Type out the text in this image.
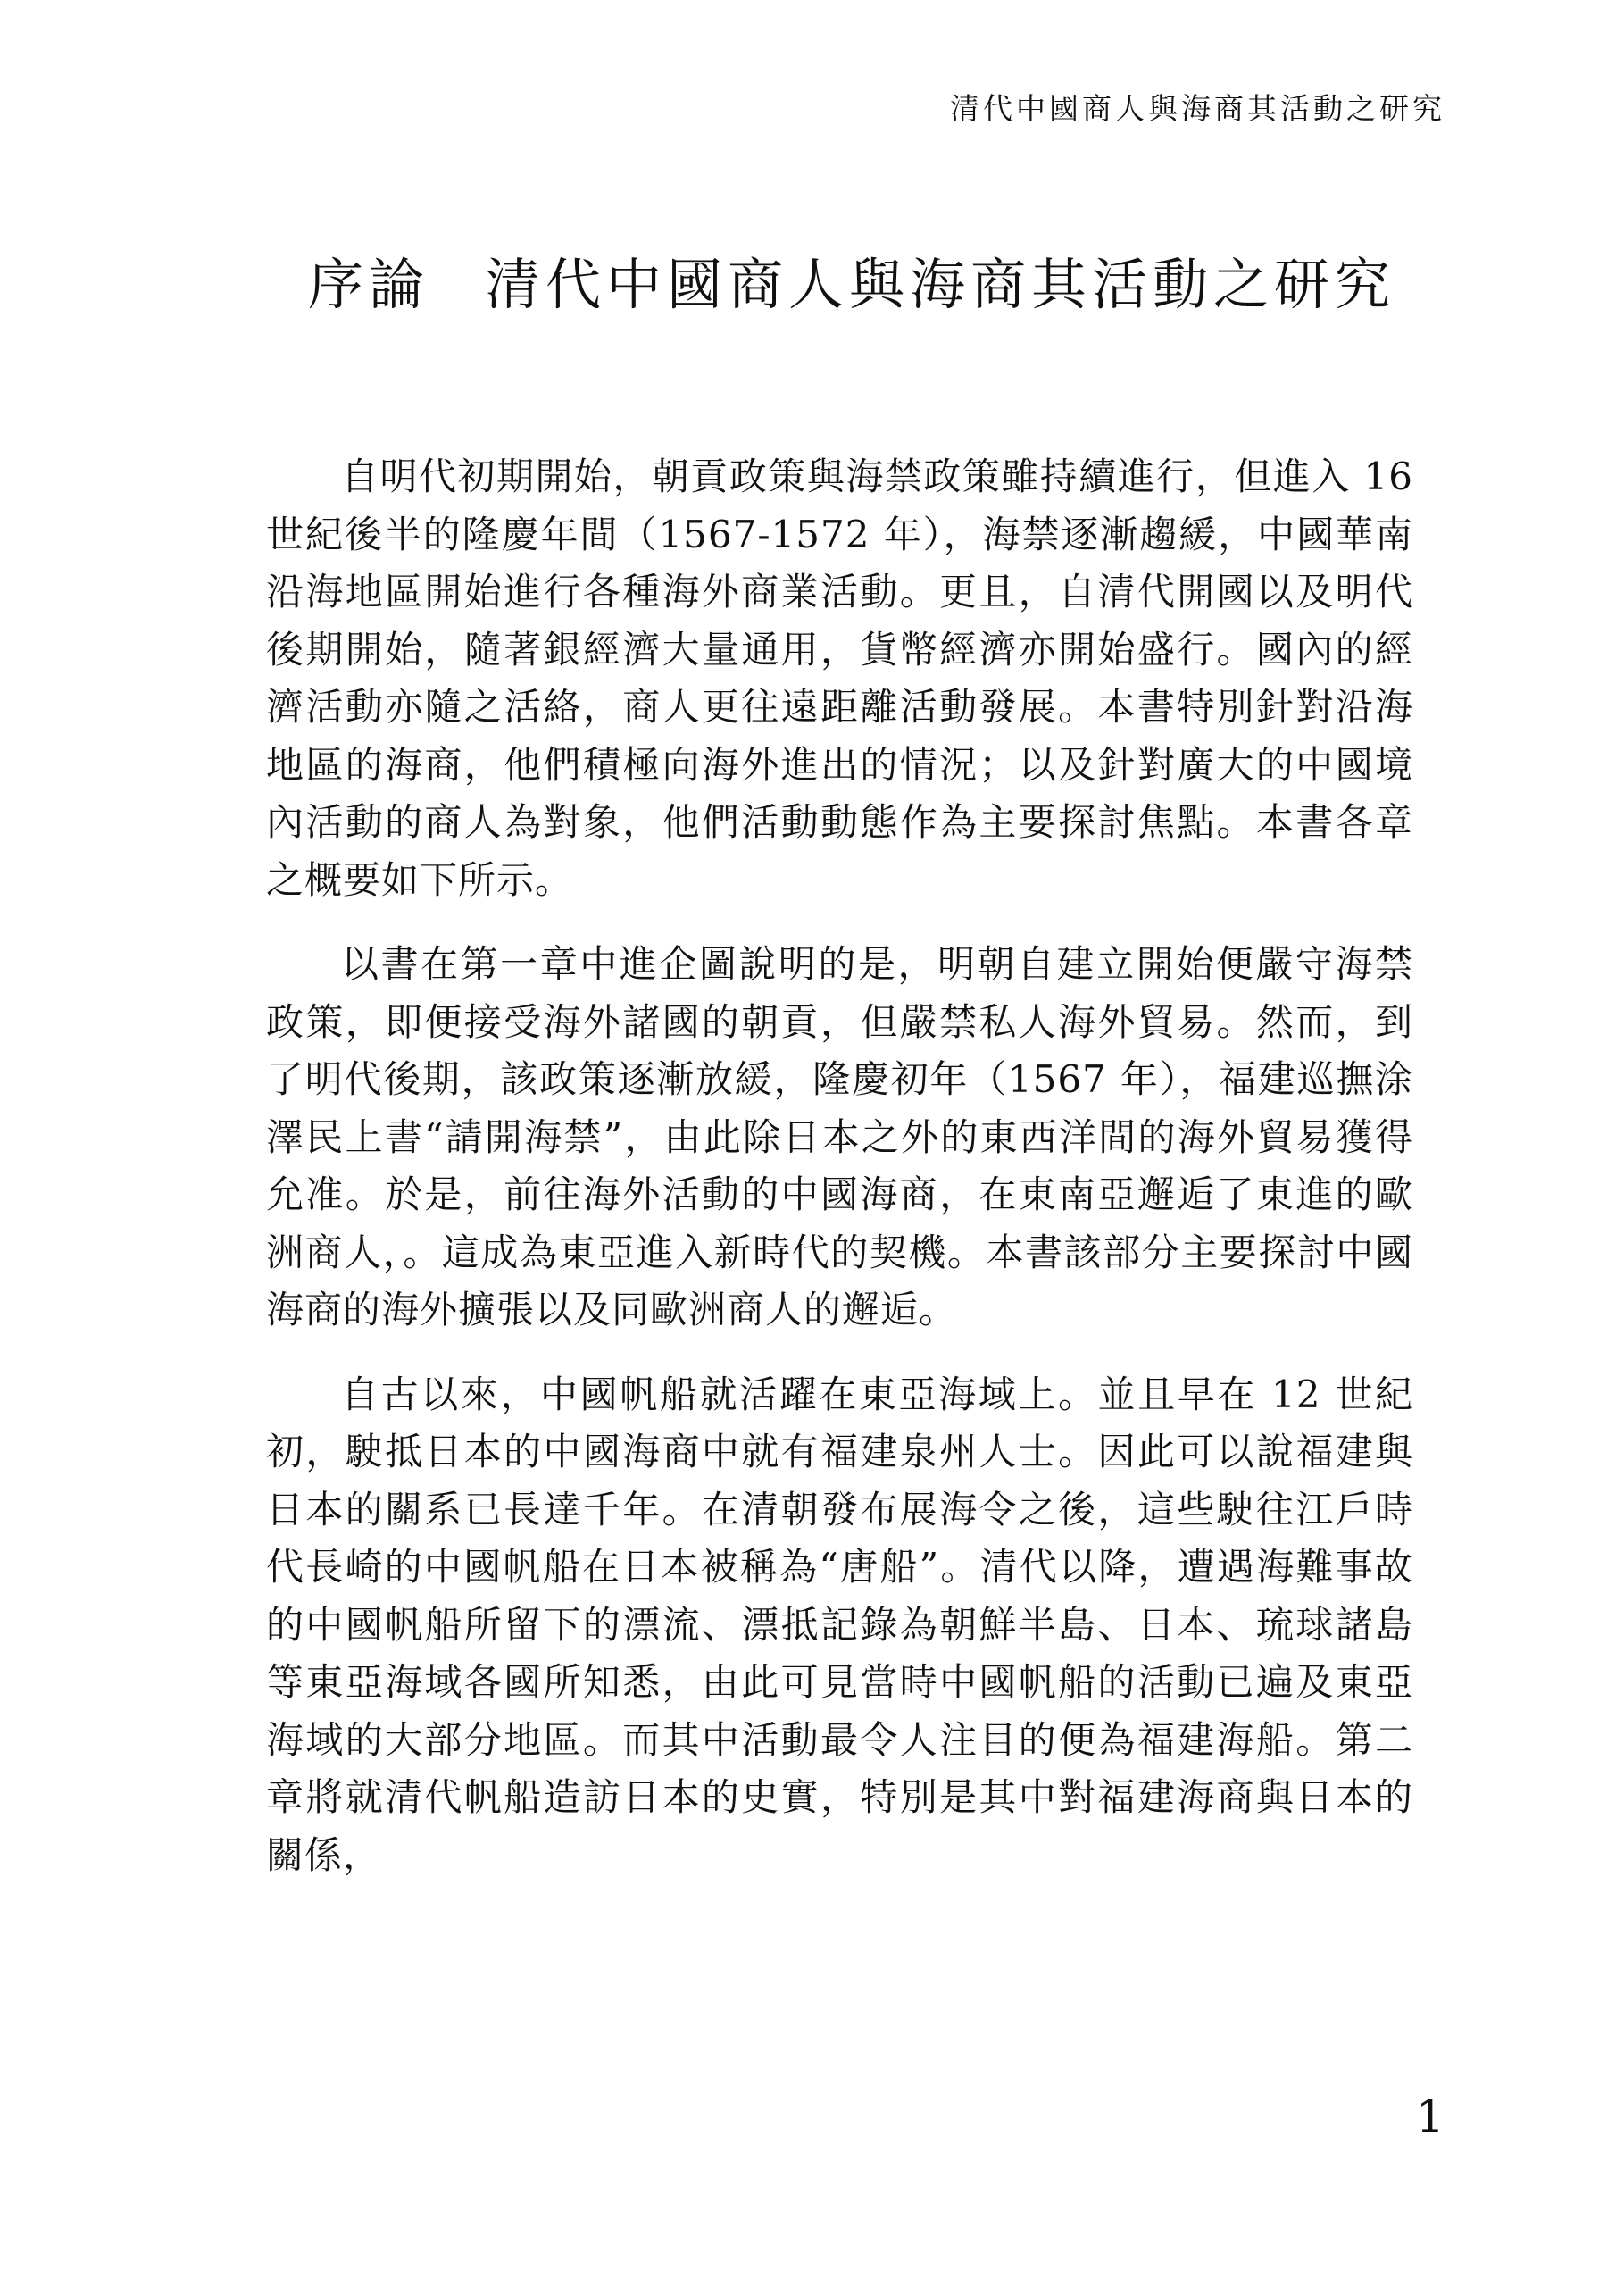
清代中國商人與海商其活動之研究
序論 清代中國商人與海商其活動之研究

自明代初期開始，朝貢政策與海禁政策雖持續進行，但進入 16 世紀後半的隆慶年間（1567-1572 年），海禁逐漸趨緩，中國華南沿海地區開始進行各種海外商業活動。更且，自清代開國以及明代後期開始，隨著銀經濟大量通用，貨幣經濟亦開始盛行。國內的經濟活動亦隨之活絡，商人更往遠距離活動發展。本書特別針對沿海地區的海商，他們積極向海外進出的情況；以及針對廣大的中國境內活動的商人為對象，他們活動動態作為主要探討焦點。本書各章之概要如下所示。

以書在第一章中進企圖說明的是，明朝自建立開始便嚴守海禁政策，即便接受海外諸國的朝貢，但嚴禁私人海外貿易。然而，到了明代後期，該政策逐漸放緩，隆慶初年（1567 年），福建巡撫涂澤民上書“請開海禁”，由此除日本之外的東西洋間的海外貿易獲得允准。於是，前往海外活動的中國海商，在東南亞邂逅了東進的歐洲商人，。這成為東亞進入新時代的契機。本書該部分主要探討中國海商的海外擴張以及同歐洲商人的邂逅。

自古以來，中國帆船就活躍在東亞海域上。並且早在 12 世紀初，駛抵日本的中國海商中就有福建泉州人士。因此可以說福建與日本的關系已長達千年。在清朝發布展海令之後，這些駛往江戶時代長崎的中國帆船在日本被稱為“唐船”。清代以降，遭遇海難事故的中國帆船所留下的漂流、漂抵記錄為朝鮮半島、日本、琉球諸島等東亞海域各國所知悉，由此可見當時中國帆船的活動已遍及東亞海域的大部分地區。而其中活動最令人注目的便為福建海船。第二章將就清代帆船造訪日本的史實，特別是其中對福建海商與日本的關係，

1
